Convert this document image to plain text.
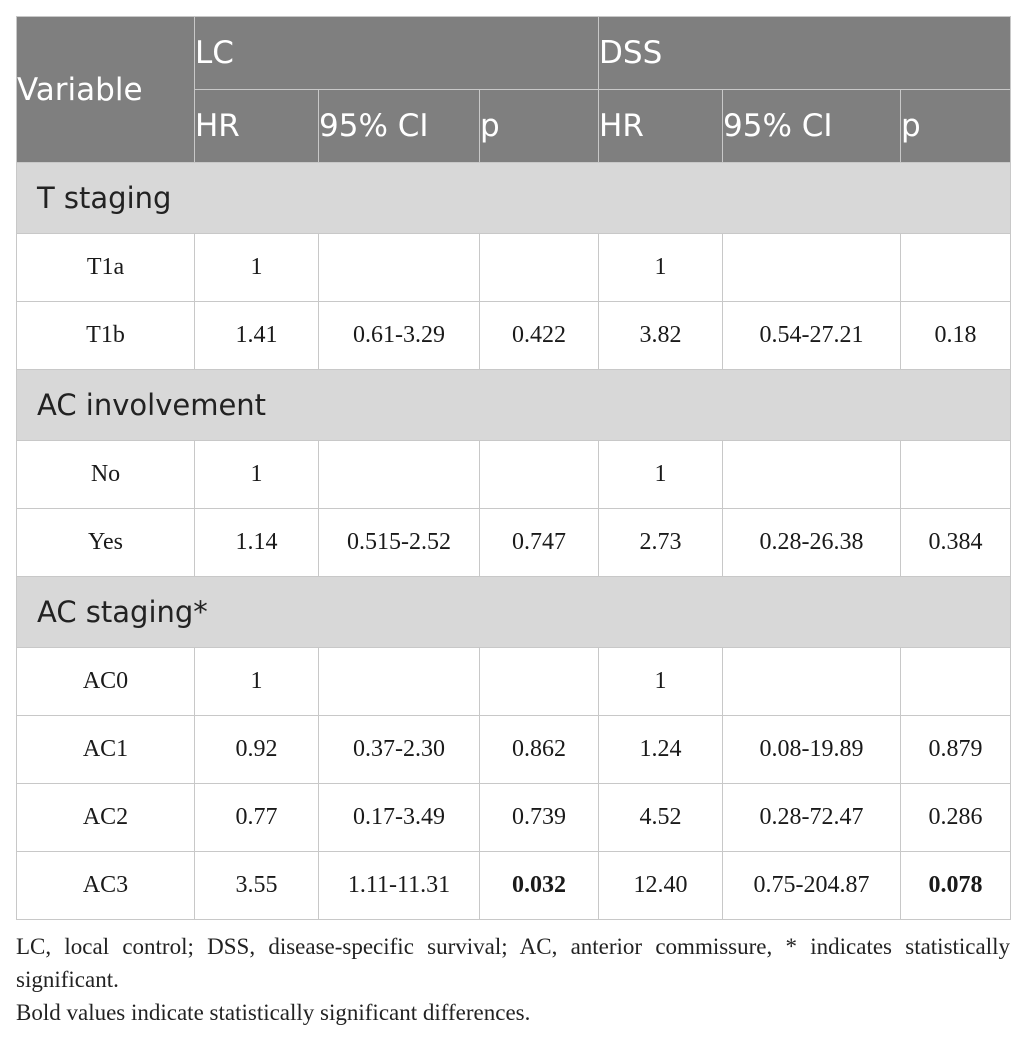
Variable	LC			DSS		
	HR	95% CI	p	HR	95% CI	p
T staging						
T1a	1			1		
T1b	1.41	0.61-3.29	0.422	3.82	0.54-27.21	0.18
AC involvement						
No	1			1		
Yes	1.14	0.515-2.52	0.747	2.73	0.28-26.38	0.384
AC staging*						
AC0	1			1		
AC1	0.92	0.37-2.30	0.862	1.24	0.08-19.89	0.879
AC2	0.77	0.17-3.49	0.739	4.52	0.28-72.47	0.286
AC3	3.55	1.11-11.31	0.032	12.40	0.75-204.87	0.078

LC, local control; DSS, disease-specific survival; AC, anterior commissure, * indicates statistically significant.

Bold values indicate statistically significant differences.
